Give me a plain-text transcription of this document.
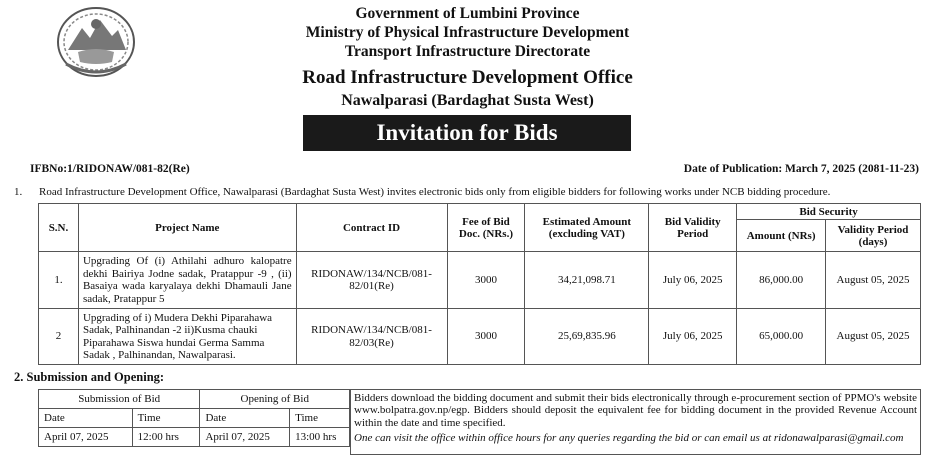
Government of Lumbini Province
Ministry of Physical Infrastructure Development
Transport Infrastructure Directorate
Road Infrastructure Development Office
Nawalparasi (Bardaghat Susta West)
Invitation for Bids
IFBNo:1/RIDONAW/081-82(Re)	Date of Publication: March 7, 2025 (2081-11-23)
1. Road Infrastructure Development Office, Nawalparasi (Bardaghat Susta West) invites electronic bids only from eligible bidders for following works under NCB bidding procedure.
S.N.	Project Name	Contract ID	Fee of Bid Doc. (NRs.)	Estimated Amount (excluding VAT)	Bid Validity Period	Bid Security	
						Amount (NRs)	Validity Period (days)
1.	Upgrading Of (i) Athilahi adhuro kalopatre dekhi Bairiya Jodne sadak, Pratappur -9 , (ii) Basaiya wada karyalaya dekhi Dhamauli Jane sadak, Pratappur 5	RIDONAW/134/NCB/081-82/01(Re)	3000	34,21,098.71	July 06, 2025	86,000.00	August 05, 2025
2	Upgrading of i) Mudera Dekhi Piparahawa Sadak, Palhinandan -2 ii)Kusma chauki Piparahawa Siswa hundai Germa Samma Sadak , Palhinandan, Nawalparasi.	RIDONAW/134/NCB/081-82/03(Re)	3000	25,69,835.96	July 06, 2025	65,000.00	August 05, 2025
2. Submission and Opening:
Submission of Bid		Opening of Bid	
Date	Time	Date	Time
April 07, 2025	12:00 hrs	April 07, 2025	13:00 hrs
Bidders download the bidding document and submit their bids electronically through e-procurement section of PPMO's website www.bolpatra.gov.np/egp. Bidders should deposit the equivalent fee for bidding document in the provided Revenue Account within the date and time specified.
One can visit the office within office hours for any queries regarding the bid or can email us at ridonawalparasi@gmail.com
